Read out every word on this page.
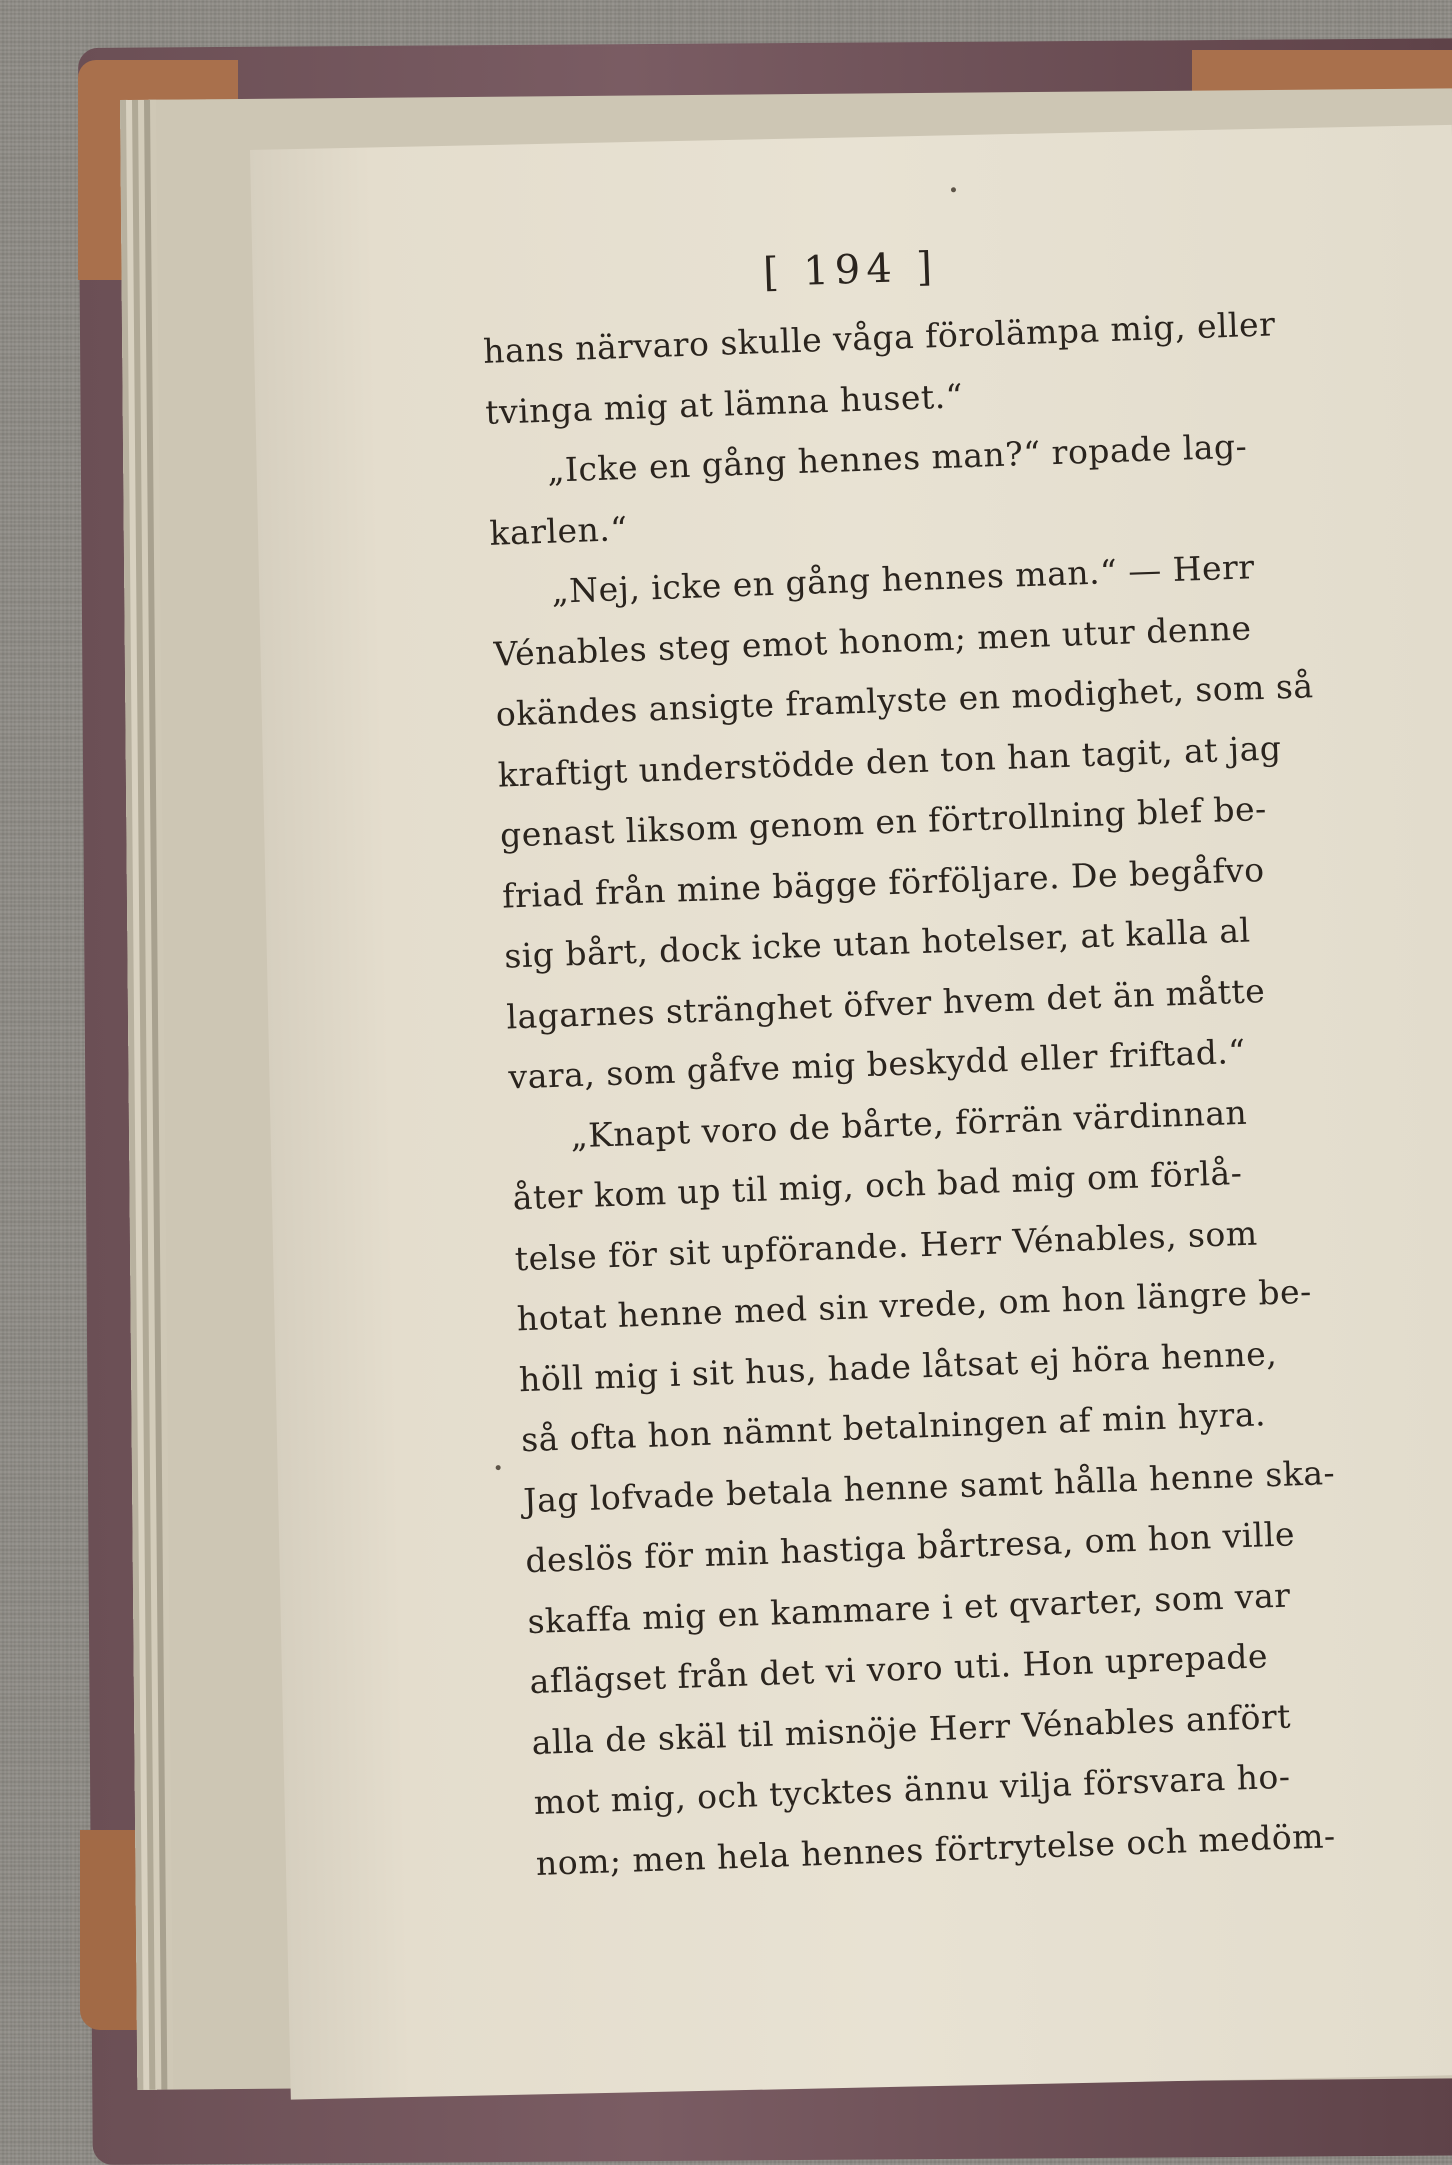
[ 194 ]
hans närvaro skulle våga förolämpa mig, eller
tvinga mig at lämna huset.“
„Icke en gång hennes man?“ ropade lag-
karlen.“
„Nej, icke en gång hennes man.“ — Herr
Vénables steg emot honom; men utur denne
okändes ansigte framlyste en modighet, som så
kraftigt understödde den ton han tagit, at jag
genast liksom genom en förtrollning blef be-
friad från mine bägge förföljare. De begåfvo
sig bårt, dock icke utan hotelser, at kalla al
lagarnes stränghet öfver hvem det än måtte
vara, som gåfve mig beskydd eller friftad.“
„Knapt voro de bårte, förrän värdinnan
åter kom up til mig, och bad mig om förlå-
telse för sit upförande. Herr Vénables, som
hotat henne med sin vrede, om hon längre be-
höll mig i sit hus, hade låtsat ej höra henne,
så ofta hon nämnt betalningen af min hyra.
Jag lofvade betala henne samt hålla henne ska-
deslös för min hastiga bårtresa, om hon ville
skaffa mig en kammare i et qvarter, som var
aflägset från det vi voro uti. Hon uprepade
alla de skäl til misnöje Herr Vénables anfört
mot mig, och tycktes ännu vilja försvara ho-
nom; men hela hennes förtrytelse och medöm-
